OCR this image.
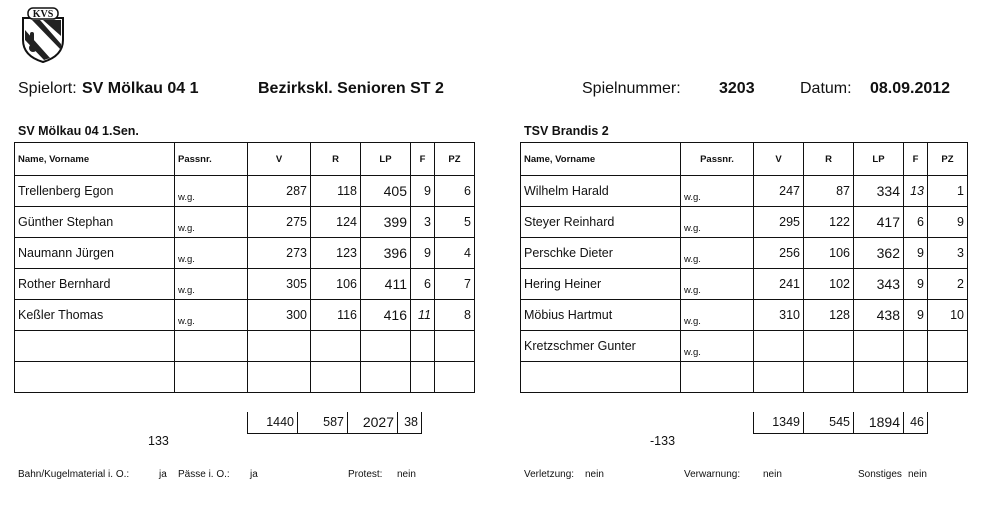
KVS
Spielort: SV Mölkau 04 1	Bezirkskl. Senioren ST 2	Spielnummer: 3203	Datum: 08.09.2012
SV Mölkau 04 1.Sen.	TSV Brandis 2
Name, Vorname	Passnr.	V	R	LP	F	PZ
Trellenberg Egon	w.g.	287	118	405	9	6
Günther Stephan	w.g.	275	124	399	3	5
Naumann Jürgen	w.g.	273	123	396	9	4
Rother Bernhard	w.g.	305	106	411	6	7
Keßler Thomas	w.g.	300	116	416	11	8

1440	587	2027	38
Name, Vorname	Passnr.	V	R	LP	F	PZ
Wilhelm Harald	w.g.	247	87	334	13	1
Steyer Reinhard	w.g.	295	122	417	6	9
Perschke Dieter	w.g.	256	106	362	9	3
Hering Heiner	w.g.	241	102	343	9	2
Möbius Hartmut	w.g.	310	128	438	9	10
Kretzschmer Gunter	w.g.					

1349	545	1894	46
133	-133
Bahn/Kugelmaterial i. O.:	ja Pässe i. O.: ja	Protest: nein	Verletzung: nein	Verwarnung: nein	Sonstiges nein
